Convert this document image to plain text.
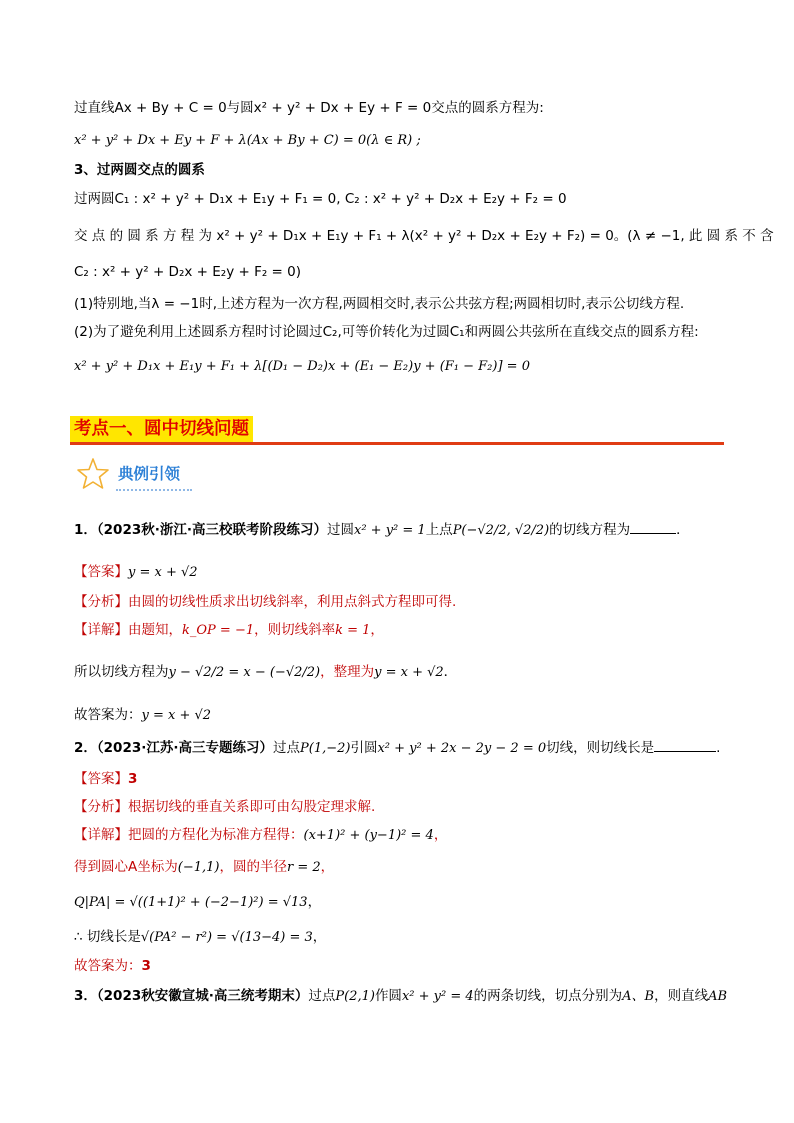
过直线Ax + By + C = 0与圆x² + y² + Dx + Ey + F = 0交点的圆系方程为:
x² + y² + Dx + Ey + F + λ(Ax + By + C) = 0(λ ∈ R) ;
3、过两圆交点的圆系
过两圆C₁ : x² + y² + D₁x + E₁y + F₁ = 0, C₂ : x² + y² + D₂x + E₂y + F₂ = 0
交 点 的 圆 系 方 程 为 x² + y² + D₁x + E₁y + F₁ + λ(x² + y² + D₂x + E₂y + F₂) = 0。(λ ≠ −1, 此 圆 系 不 含
C₂ : x² + y² + D₂x + E₂y + F₂ = 0)
(1)特别地,当λ = −1时,上述方程为一次方程,两圆相交时,表示公共弦方程;两圆相切时,表示公切线方程.
(2)为了避免利用上述圆系方程时讨论圆过C₂,可等价转化为过圆C₁和两圆公共弦所在直线交点的圆系方程:
x² + y² + D₁x + E₁y + F₁ + λ[(D₁ − D₂)x + (E₁ − E₂)y + (F₁ − F₂)] = 0
考点一、圆中切线问题
典例引领
1．（2023秋·浙江·高三校联考阶段练习）过圆x² + y² = 1上点P(−√2/2, √2/2)的切线方程为	．
【答案】y = x + √2
【分析】由圆的切线性质求出切线斜率，利用点斜式方程即可得.
【详解】由题知，k_OP = −1，则切线斜率k = 1，
所以切线方程为y − √2/2 = x − (−√2/2)，整理为y = x + √2．
故答案为：y = x + √2
2．（2023·江苏·高三专题练习）过点P(1,−2)引圆x² + y² + 2x − 2y − 2 = 0切线，则切线长是	.
【答案】3
【分析】根据切线的垂直关系即可由勾股定理求解.
【详解】把圆的方程化为标准方程得：(x+1)² + (y−1)² = 4，
得到圆心A坐标为(−1,1)，圆的半径r = 2，
Q|PA| = √((1+1)² + (−2−1)²) = √13，
∴ 切线长是√(PA² − r²) = √(13−4) = 3，
故答案为：3
3．（2023秋安徽宣城·高三统考期末）过点P(2,1)作圆x² + y² = 4的两条切线，切点分别为A、B，则直线AB
